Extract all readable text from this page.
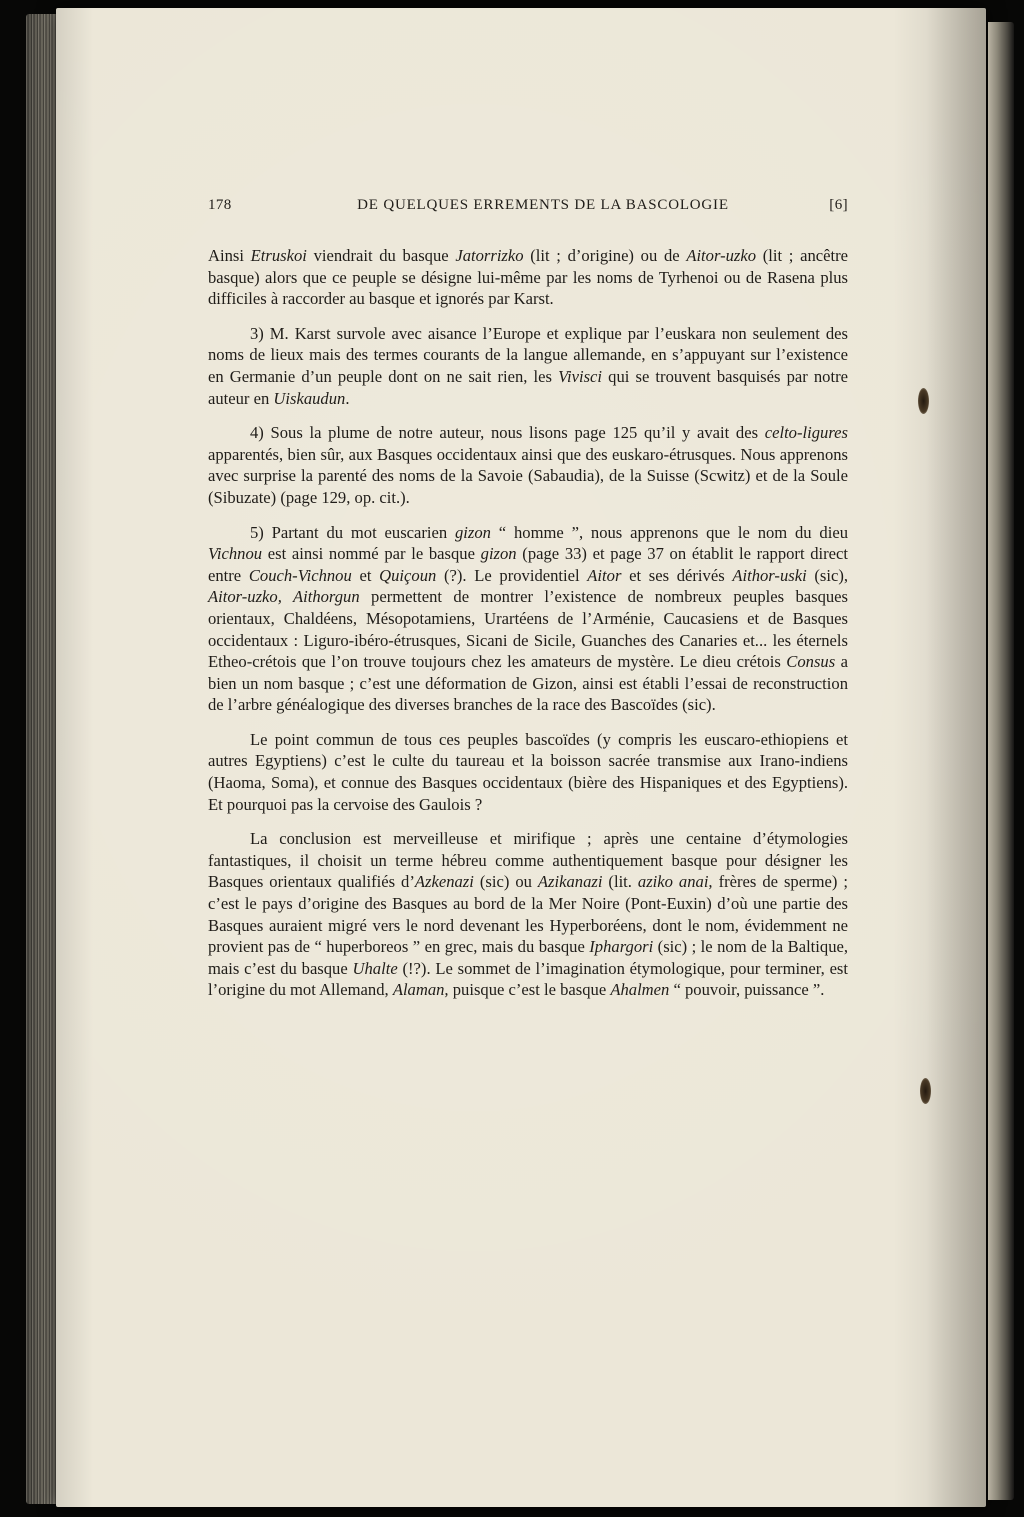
178	DE QUELQUES ERREMENTS DE LA BASCOLOGIE	[6]

Ainsi Etruskoi viendrait du basque Jatorrizko (lit ; d’origine) ou de Aitor-uzko (lit ; ancêtre basque) alors que ce peuple se désigne lui-même par les noms de Tyrhenoi ou de Rasena plus difficiles à raccorder au basque et ignorés par Karst.

3) M. Karst survole avec aisance l’Europe et explique par l’euskara non seulement des noms de lieux mais des termes courants de la langue allemande, en s’appuyant sur l’existence en Germanie d’un peuple dont on ne sait rien, les Vivisci qui se trouvent basquisés par notre auteur en Uiskaudun.

4) Sous la plume de notre auteur, nous lisons page 125 qu’il y avait des celto-ligures apparentés, bien sûr, aux Basques occidentaux ainsi que des euskaro-étrusques. Nous apprenons avec surprise la parenté des noms de la Savoie (Sabaudia), de la Suisse (Scwitz) et de la Soule (Sibuzate) (page 129, op. cit.).

5) Partant du mot euscarien gizon “ homme ”, nous apprenons que le nom du dieu Vichnou est ainsi nommé par le basque gizon (page 33) et page 37 on établit le rapport direct entre Couch-Vichnou et Quiçoun (?). Le providentiel Aitor et ses dérivés Aithor-uski (sic), Aitor-uzko, Aithorgun permettent de montrer l’existence de nombreux peuples basques orientaux, Chaldéens, Mésopotamiens, Urartéens de l’Arménie, Caucasiens et de Basques occidentaux : Liguro-ibéro-étrusques, Sicani de Sicile, Guanches des Canaries et... les éternels Etheo-crétois que l’on trouve toujours chez les amateurs de mystère. Le dieu crétois Consus a bien un nom basque ; c’est une déformation de Gizon, ainsi est établi l’essai de reconstruction de l’arbre généalogique des diverses branches de la race des Bascoïdes (sic).

Le point commun de tous ces peuples bascoïdes (y compris les euscaro-ethiopiens et autres Egyptiens) c’est le culte du taureau et la boisson sacrée transmise aux Irano-indiens (Haoma, Soma), et connue des Basques occidentaux (bière des Hispaniques et des Egyptiens). Et pourquoi pas la cervoise des Gaulois ?

La conclusion est merveilleuse et mirifique ; après une centaine d’étymologies fantastiques, il choisit un terme hébreu comme authentiquement basque pour désigner les Basques orientaux qualifiés d’Azkenazi (sic) ou Azikanazi (lit. aziko anai, frères de sperme) ; c’est le pays d’origine des Basques au bord de la Mer Noire (Pont-Euxin) d’où une partie des Basques auraient migré vers le nord devenant les Hyperboréens, dont le nom, évidemment ne provient pas de “ huperboreos ” en grec, mais du basque Iphargori (sic) ; le nom de la Baltique, mais c’est du basque Uhalte (!?). Le sommet de l’imagination étymologique, pour terminer, est l’origine du mot Allemand, Alaman, puisque c’est le basque Ahalmen “ pouvoir, puissance ”.
